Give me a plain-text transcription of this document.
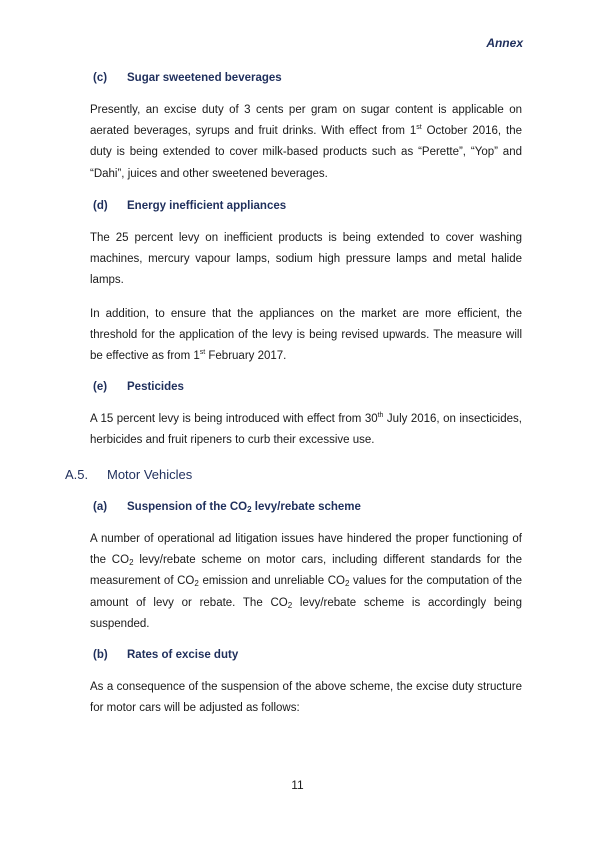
Annex
(c) Sugar sweetened beverages

Presently, an excise duty of 3 cents per gram on sugar content is applicable on aerated beverages, syrups and fruit drinks. With effect from 1st October 2016, the duty is being extended to cover milk-based products such as “Perette”, “Yop” and “Dahi”, juices and other sweetened beverages.

(d) Energy inefficient appliances

The 25 percent levy on inefficient products is being extended to cover washing machines, mercury vapour lamps, sodium high pressure lamps and metal halide lamps.

In addition, to ensure that the appliances on the market are more efficient, the threshold for the application of the levy is being revised upwards. The measure will be effective as from 1st February 2017.

(e) Pesticides

A 15 percent levy is being introduced with effect from 30th July 2016, on insecticides, herbicides and fruit ripeners to curb their excessive use.

A.5. Motor Vehicles
(a) Suspension of the $CO_2$ levy/rebate scheme

A number of operational ad litigation issues have hindered the proper functioning of the $CO_2$ levy/rebate scheme on motor cars, including different standards for the measurement of $CO_2$ emission and unreliable $CO_2$ values for the computation of the amount of levy or rebate. The $CO_2$ levy/rebate scheme is accordingly being suspended.

(b) Rates of excise duty

As a consequence of the suspension of the above scheme, the excise duty structure for motor cars will be adjusted as follows:

11
